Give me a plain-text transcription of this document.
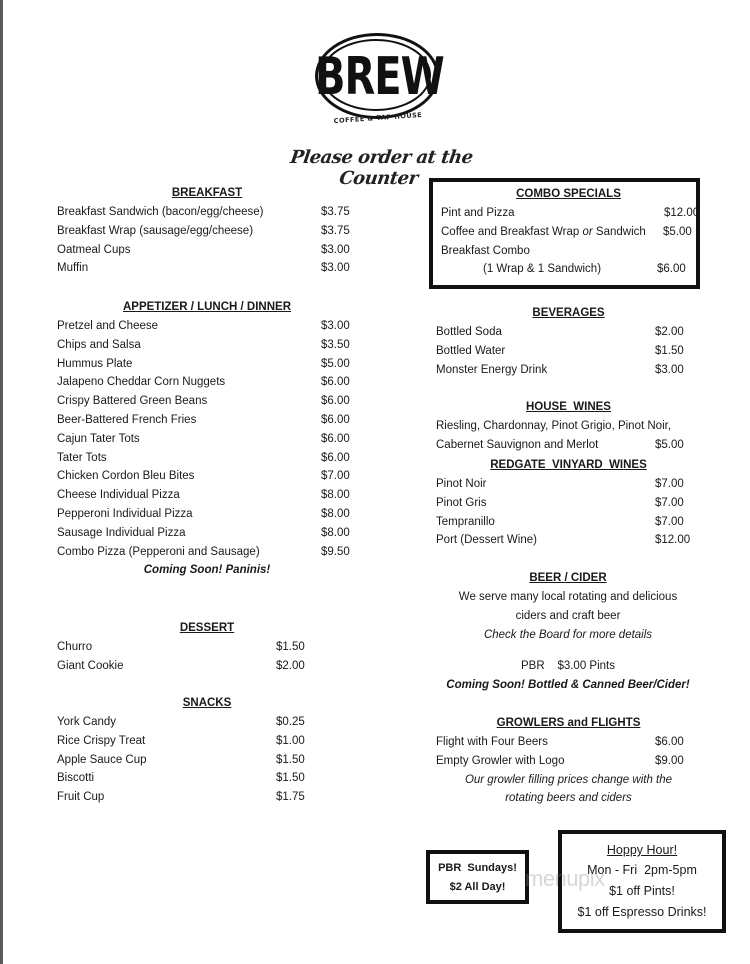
BREW
COFFEE & TAP HOUSE
Please order at the Counter
BREAKFAST
Breakfast Sandwich (bacon/egg/cheese)	$3.75
Breakfast Wrap (sausage/egg/cheese)	$3.75
Oatmeal Cups	$3.00
Muffin	$3.00
APPETIZER / LUNCH / DINNER
Pretzel and Cheese	$3.00
Chips and Salsa	$3.50
Hummus Plate	$5.00
Jalapeno Cheddar Corn Nuggets	$6.00
Crispy Battered Green Beans	$6.00
Beer-Battered French Fries	$6.00
Cajun Tater Tots	$6.00
Tater Tots	$6.00
Chicken Cordon Bleu Bites	$7.00
Cheese Individual Pizza	$8.00
Pepperoni Individual Pizza	$8.00
Sausage Individual Pizza	$8.00
Combo Pizza (Pepperoni and Sausage)	$9.50
Coming Soon! Paninis!
DESSERT
Churro	$1.50
Giant Cookie	$2.00
SNACKS
York Candy	$0.25
Rice Crispy Treat	$1.00
Apple Sauce Cup	$1.50
Biscotti	$1.50
Fruit Cup	$1.75
COMBO SPECIALS
Pint and Pizza	$12.00
Coffee and Breakfast Wrap or Sandwich $5.00
Breakfast Combo
(1 Wrap & 1 Sandwich)	$6.00
BEVERAGES
Bottled Soda	$2.00
Bottled Water	$1.50
Monster Energy Drink	$3.00
HOUSE  WINES
Riesling, Chardonnay, Pinot Grigio, Pinot Noir,
Cabernet Sauvignon and Merlot	$5.00
REDGATE  VINYARD  WINES
Pinot Noir	$7.00
Pinot Gris	$7.00
Tempranillo	$7.00
Port (Dessert Wine)	$12.00
BEER / CIDER
We serve many local rotating and delicious
ciders and craft beer
Check the Board for more details
PBR    $3.00 Pints
Coming Soon! Bottled & Canned Beer/Cider!
GROWLERS and FLIGHTS
Flight with Four Beers	$6.00
Empty Growler with Logo	$9.00
Our growler filling prices change with the
rotating beers and ciders
PBR  Sundays!
$2 All Day!
Hoppy Hour!
Mon - Fri  2pm-5pm
$1 off Pints!
$1 off Espresso Drinks!
menupix
